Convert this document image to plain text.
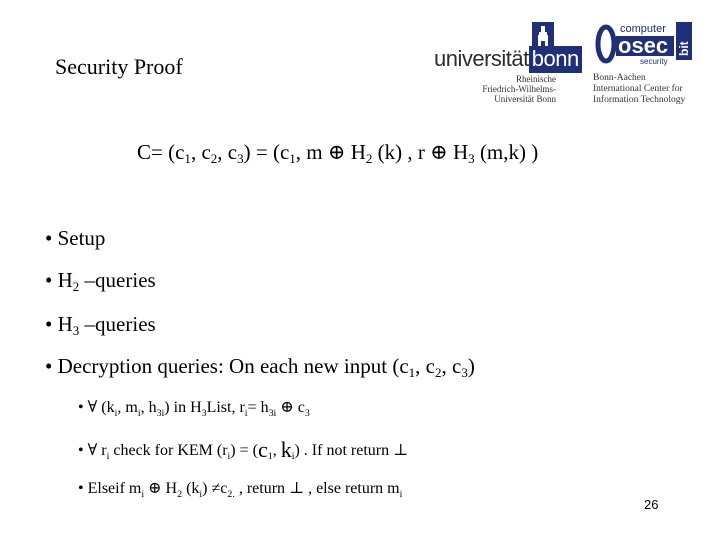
Security Proof	universität bonn
Rheinische
Friedrich-Wilhelms-
Universität Bonn
computer
osec
security
bit
Bonn-Aachen
International Center for
Information Technology
$C= (c_1$, $c_2$, $c_3) = (c_1$, m ⊕ $H_2$ (k) , r ⊕ $H_3$ (m,k) )
• Setup
• $H_2$ –queries
• $H_3$ –queries
• Decryption queries: On each new input ($c_1$, $c_2$, $c_3$)
• ∀ ($k_i$, $m_i$, $h_{3i}$) in $H_3List$, $r_i= h_{3i}$ ⊕ $c_3$
• ∀ $r_i$ check for KEM $(r_i) = (c_1$, $k_i$) . If not return ⊥
• Elseif $m_i$ ⊕ $H_2$ $(k_i) \ne c_{2.}$ , return ⊥ , else return $m_i$
26
